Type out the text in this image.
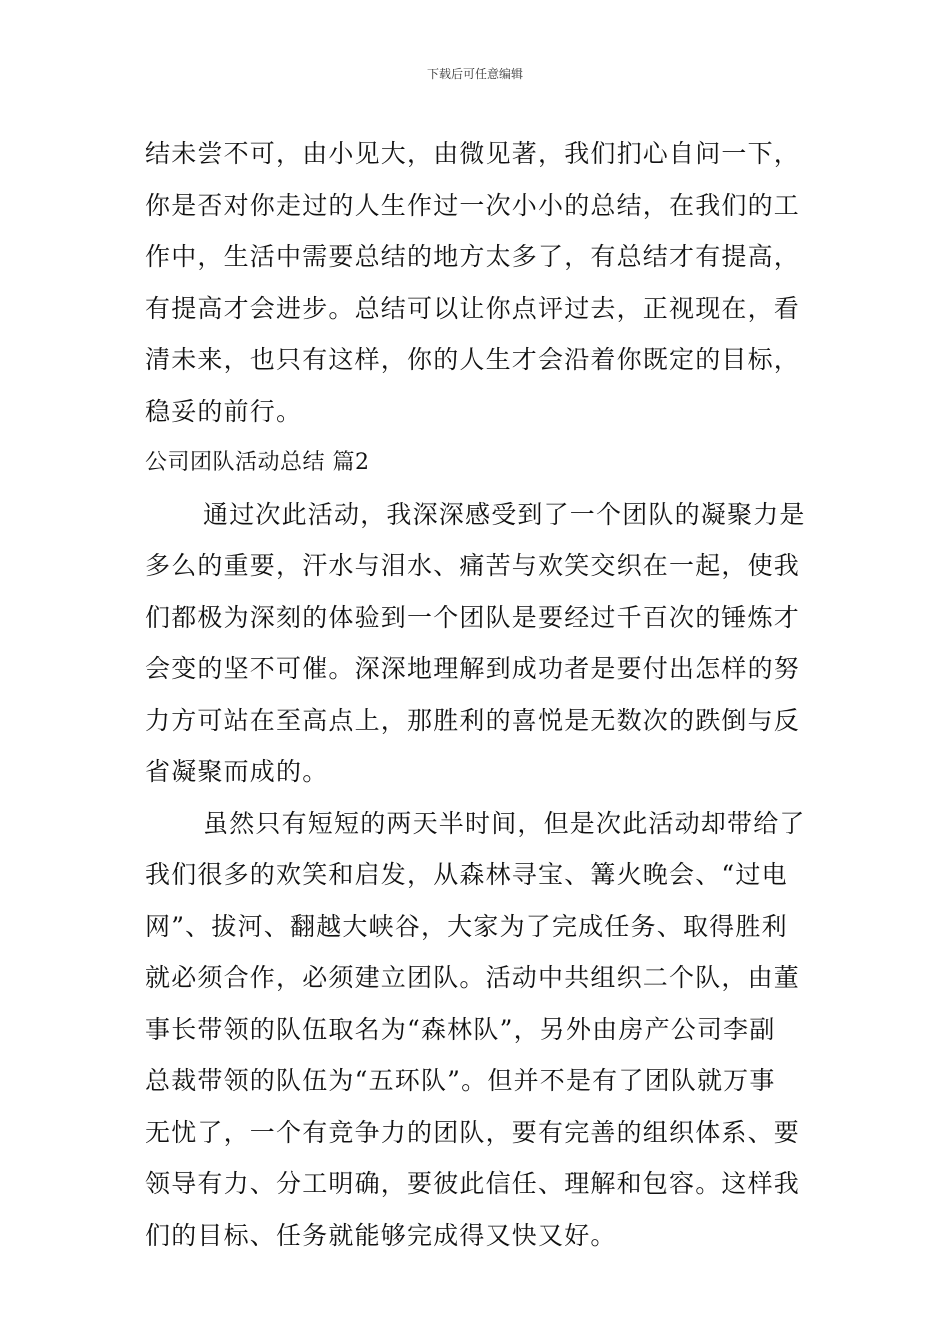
下载后可任意编辑
结未尝不可，由小见大，由微见著，我们扪心自问一下，
你是否对你走过的人生作过一次小小的总结，在我们的工
作中，生活中需要总结的地方太多了，有总结才有提高，
有提高才会进步。总结可以让你点评过去，正视现在，看
清未来，也只有这样，你的人生才会沿着你既定的目标，
稳妥的前行。
公司团队活动总结 篇2
通过次此活动，我深深感受到了一个团队的凝聚力是
多么的重要，汗水与泪水、痛苦与欢笑交织在一起，使我
们都极为深刻的体验到一个团队是要经过千百次的锤炼才
会变的坚不可催。深深地理解到成功者是要付出怎样的努
力方可站在至高点上，那胜利的喜悦是无数次的跌倒与反
省凝聚而成的。
虽然只有短短的两天半时间，但是次此活动却带给了
我们很多的欢笑和启发，从森林寻宝、篝火晚会、“过电
网”、拔河、翻越大峡谷，大家为了完成任务、取得胜利
就必须合作，必须建立团队。活动中共组织二个队，由董
事长带领的队伍取名为“森林队”，另外由房产公司李副
总裁带领的队伍为“五环队”。但并不是有了团队就万事
无忧了，一个有竞争力的团队，要有完善的组织体系、要
领导有力、分工明确，要彼此信任、理解和包容。这样我
们的目标、任务就能够完成得又快又好。
